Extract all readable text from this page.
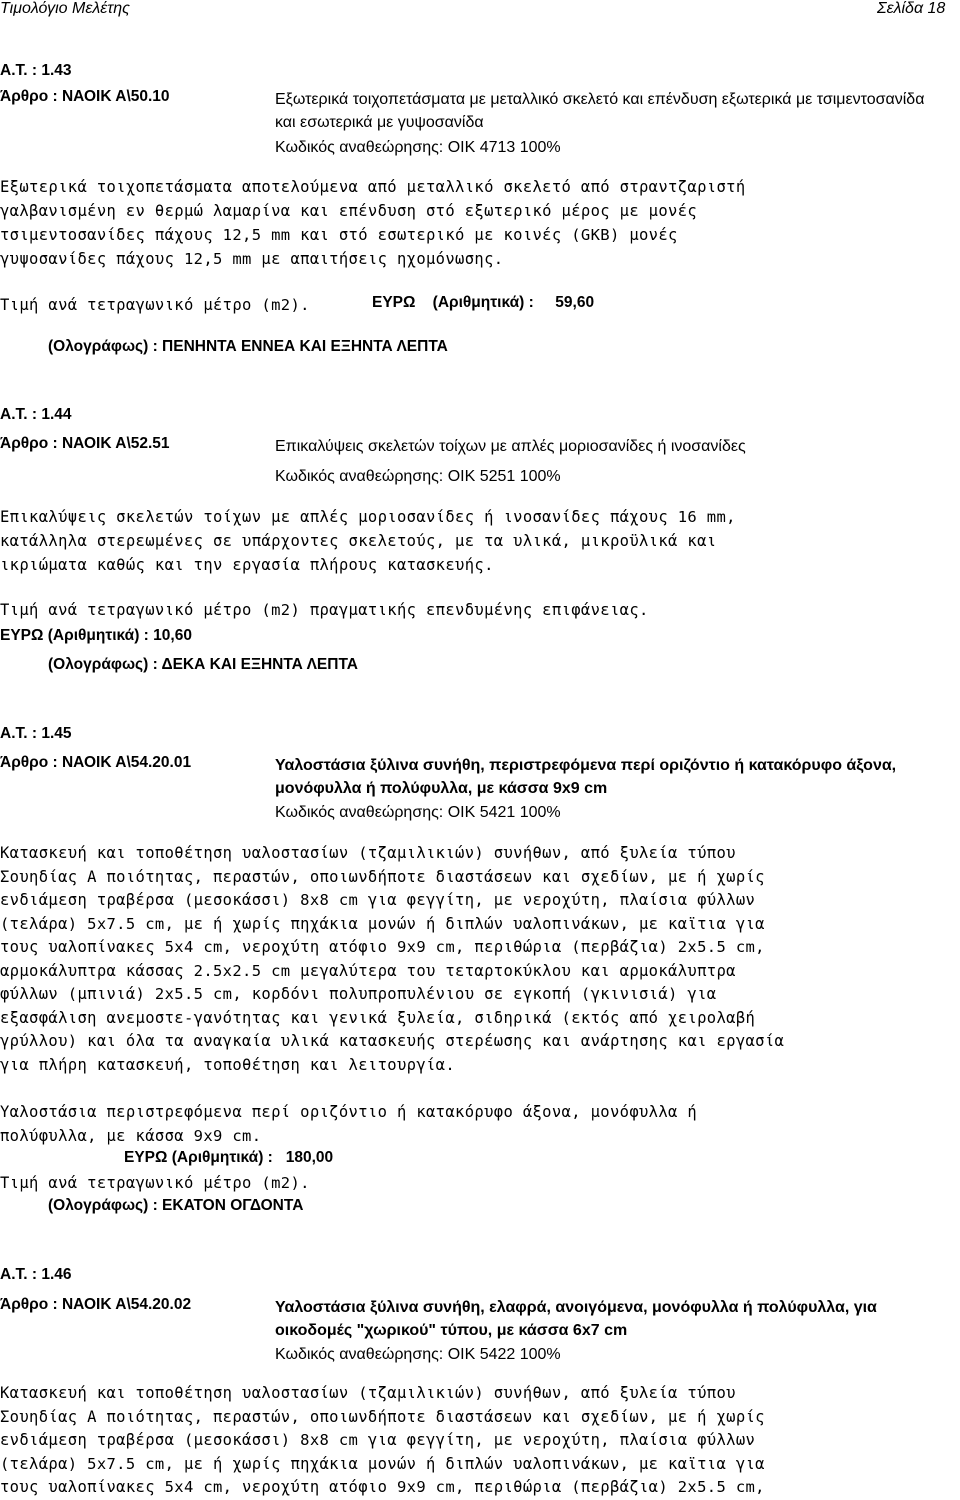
Τιμολόγιο Μελέτης	Σελίδα 18
Α.Τ. : 1.43
Άρθρο : ΝΑΟΙΚ Α\50.10	Εξωτερικά τοιχοπετάσματα με μεταλλικό σκελετό και επένδυση εξωτερικά με τσιμεντοσανίδα και εσωτερικά με γυψοσανίδα
Κωδικός αναθεώρησης: ΟΙΚ 4713 100%
Εξωτερικά τοιχοπετάσματα αποτελούμενα από μεταλλικό σκελετό από στραντζαριστή
γαλβανισμένη εν θερμώ λαμαρίνα και επένδυση στό εξωτερικό μέρος με μονές
τσιμεντοσανίδες πάχους 12,5 mm και στό εσωτερικό με κοινές (GKB) μονές
γυψοσανίδες πάχους 12,5 mm με απαιτήσεις ηχομόνωσης.
Τιμή ανά τετραγωνικό μέτρο (m2).	ΕΥΡΩ    (Αριθμητικά) :     59,60
(Ολογράφως) : ΠΕΝΗΝΤΑ ΕΝΝΕΑ ΚΑΙ ΕΞΗΝΤΑ ΛΕΠΤΑ
Α.Τ. : 1.44
Άρθρο : ΝΑΟΙΚ Α\52.51	Επικαλύψεις σκελετών τοίχων με απλές μοριοσανίδες ή ινοσανίδες
Κωδικός αναθεώρησης: ΟΙΚ 5251 100%
Επικαλύψεις σκελετών τοίχων με απλές μοριοσανίδες ή ινοσανίδες πάχους 16 mm,
κατάλληλα στερεωμένες σε υπάρχοντες σκελετούς, με τα υλικά, μικροϋλικά και
ικριώματα καθώς και την εργασία πλήρους κατασκευής.
Τιμή ανά τετραγωνικό μέτρο (m2) πραγματικής επενδυμένης επιφάνειας.
ΕΥΡΩ (Αριθμητικά) : 10,60
(Ολογράφως) : ΔΕΚΑ ΚΑΙ ΕΞΗΝΤΑ ΛΕΠΤΑ
Α.Τ. : 1.45
Άρθρο : ΝΑΟΙΚ Α\54.20.01	Υαλοστάσια ξύλινα συνήθη, περιστρεφόμενα περί οριζόντιο ή κατακόρυφο άξονα, μονόφυλλα ή πολύφυλλα, με κάσσα 9x9 cm
Κωδικός αναθεώρησης: ΟΙΚ 5421 100%
Κατασκευή και τοποθέτηση υαλοστασίων (τζαμιλικιών) συνήθων, από ξυλεία τύπου
Σουηδίας Α ποιότητας, περαστών, οποιωνδήποτε διαστάσεων και σχεδίων, με ή χωρίς
ενδιάμεση τραβέρσα (μεσοκάσσι) 8x8 cm για φεγγίτη, με νεροχύτη, πλαίσια φύλλων
(τελάρα) 5x7.5 cm, με ή χωρίς πηχάκια μονών ή διπλών υαλοπινάκων, με καϊτια για
τους υαλοπίνακες 5x4 cm, νεροχύτη ατόφιο 9x9 cm, περιθώρια (περβάζια) 2x5.5 cm,
αρμοκάλυπτρα κάσσας 2.5x2.5 cm μεγαλύτερα του τεταρτοκύκλου και αρμοκάλυπτρα
φύλλων (μπινιά) 2x5.5 cm, κορδόνι πολυπροπυλένιου σε εγκοπή (γκινισιά) για
εξασφάλιση ανεμοστε-γανότητας και γενικά ξυλεία, σιδηρικά (εκτός από χειρολαβή
γρύλλου) και όλα τα αναγκαία υλικά κατασκευής στερέωσης και ανάρτησης και εργασία
για πλήρη κατασκευή, τοποθέτηση και λειτουργία.
Υαλοστάσια περιστρεφόμενα περί οριζόντιο ή κατακόρυφο άξονα, μονόφυλλα ή
πολύφυλλα, με κάσσα 9x9 cm.
ΕΥΡΩ (Αριθμητικά) :   180,00
Τιμή ανά τετραγωνικό μέτρο (m2).
(Ολογράφως) : ΕΚΑΤΟΝ ΟΓΔΟΝΤΑ
Α.Τ. : 1.46
Άρθρο : ΝΑΟΙΚ Α\54.20.02	Υαλοστάσια ξύλινα συνήθη, ελαφρά, ανοιγόμενα, μονόφυλλα ή πολύφυλλα, για οικοδομές "χωρικού" τύπου, με κάσσα 6x7 cm
Κωδικός αναθεώρησης: ΟΙΚ 5422 100%
Κατασκευή και τοποθέτηση υαλοστασίων (τζαμιλικιών) συνήθων, από ξυλεία τύπου
Σουηδίας Α ποιότητας, περαστών, οποιωνδήποτε διαστάσεων και σχεδίων, με ή χωρίς
ενδιάμεση τραβέρσα (μεσοκάσσι) 8x8 cm για φεγγίτη, με νεροχύτη, πλαίσια φύλλων
(τελάρα) 5x7.5 cm, με ή χωρίς πηχάκια μονών ή διπλών υαλοπινάκων, με καϊτια για
τους υαλοπίνακες 5x4 cm, νεροχύτη ατόφιο 9x9 cm, περιθώρια (περβάζια) 2x5.5 cm,
